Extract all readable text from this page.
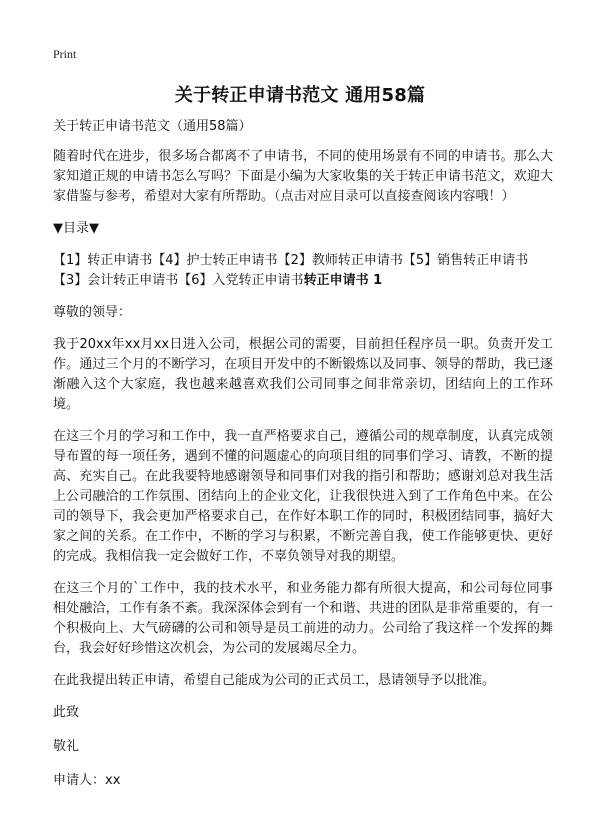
Print
关于转正申请书范文 通用58篇

关于转正申请书范文（通用58篇）

随着时代在进步，很多场合都离不了申请书，不同的使用场景有不同的申请书。那么大家知道正规的申请书怎么写吗？下面是小编为大家收集的关于转正申请书范文，欢迎大家借鉴与参考，希望对大家有所帮助。（点击对应目录可以直接查阅该内容哦！）

▼目录▼

【1】转正申请书【4】护士转正申请书【2】教师转正申请书【5】销售转正申请书
【3】会计转正申请书【6】入党转正申请书转正申请书 1

尊敬的领导：

我于20xx年xx月xx日进入公司，根据公司的需要，目前担任程序员一职。负责开发工作。通过三个月的不断学习，在项目开发中的不断锻炼以及同事、领导的帮助，我已逐渐融入这个大家庭，我也越来越喜欢我们公司同事之间非常亲切，团结向上的工作环境。

在这三个月的学习和工作中，我一直严格要求自己，遵循公司的规章制度，认真完成领导布置的每一项任务，遇到不懂的问题虚心的向项目组的同事们学习、请教，不断的提高、充实自己。在此我要特地感谢领导和同事们对我的指引和帮助；感谢刘总对我生活上公司融洽的工作氛围、团结向上的企业文化，让我很快进入到了工作角色中来。在公司的领导下，我会更加严格要求自己，在作好本职工作的同时，积极团结同事，搞好大家之间的关系。在工作中，不断的学习与积累，不断完善自我，使工作能够更快、更好的完成。我相信我一定会做好工作，不辜负领导对我的期望。

在这三个月的`工作中，我的技术水平，和业务能力都有所很大提高，和公司每位同事相处融洽，工作有条不紊。我深深体会到有一个和谐、共进的团队是非常重要的，有一个积极向上、大气磅礴的公司和领导是员工前进的动力。公司给了我这样一个发挥的舞台，我会好好珍惜这次机会，为公司的发展竭尽全力。

在此我提出转正申请，希望自己能成为公司的正式员工，恳请领导予以批准。

此致

敬礼

申请人：xx
